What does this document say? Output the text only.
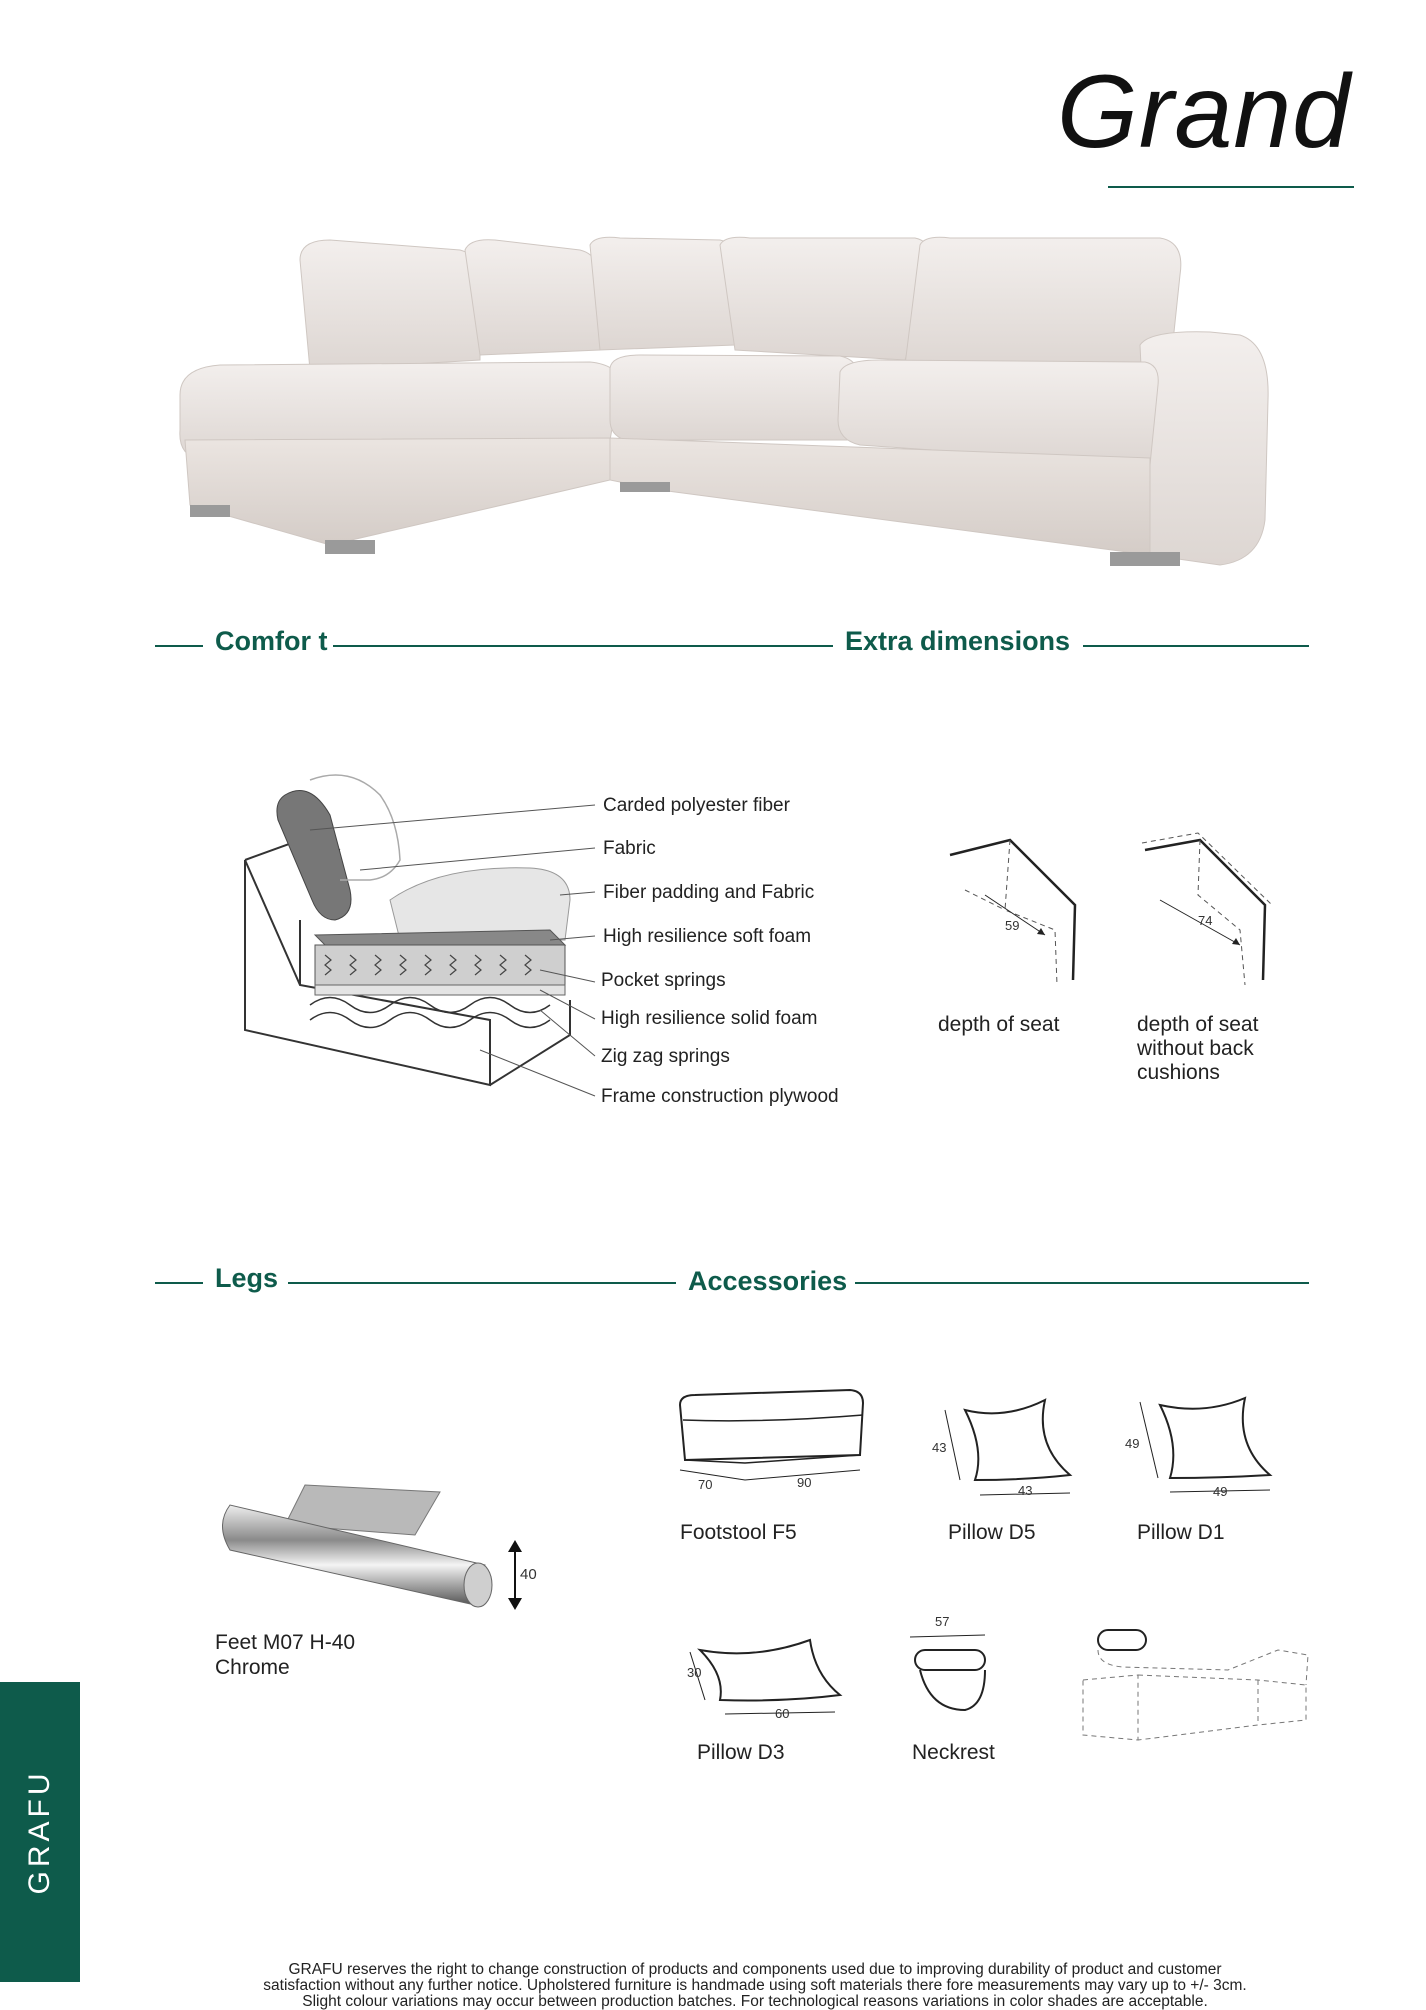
Grand
Comfor t	Extra dimensions
Legs	Accessories
Carded polyester fiber
Fabric
Fiber padding and Fabric
High resilience soft foam
Pocket springs
High resilience solid foam
Zig zag springs
Frame construction plywood
59	74
depth of seat	depth of seat
without back
cushions
40
Feet M07 H-40
Chrome
70	90
Footstool F5
43
43
Pillow D5
49
49
Pillow D1
30
60
Pillow D3
57
Neckrest
GRAFU
GRAFU reserves the right to change construction of products and components used due to improving durability of product and customer
satisfaction without any further notice. Upholstered furniture is handmade using soft materials there fore measurements may vary up to +/- 3cm.
Slight colour variations may occur between production batches. For technological reasons variations in color shades are acceptable.
